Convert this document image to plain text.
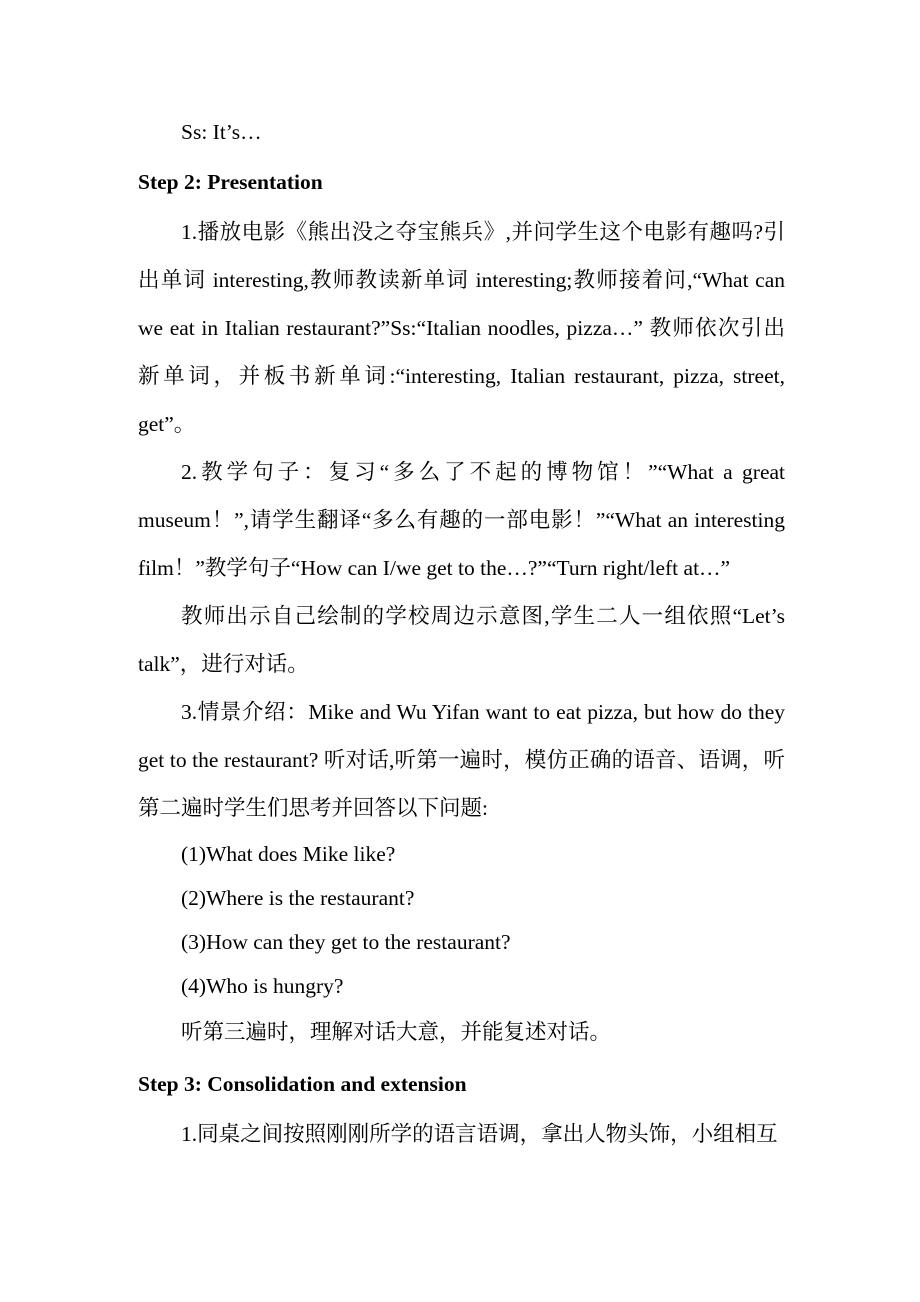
Ss: It’s…

Step 2: Presentation

1.播放电影《熊出没之夺宝熊兵》,并问学生这个电影有趣吗?引出单词 interesting,教师教读新单词 interesting;教师接着问,“What can we eat in Italian restaurant?”Ss:“Italian noodles, pizza…” 教师依次引出新单词，并板书新单词:“interesting, Italian restaurant, pizza, street, get”。

2.教学句子：复习“多么了不起的博物馆！”“What a great museum！”,请学生翻译“多么有趣的一部电影！”“What an interesting film！”教学句子“How can I/we get to the…?”“Turn right/left at…”

教师出示自己绘制的学校周边示意图,学生二人一组依照“Let’s talk”，进行对话。

3.情景介绍：Mike and Wu Yifan want to eat pizza, but how do they get to the restaurant? 听对话,听第一遍时，模仿正确的语音、语调，听第二遍时学生们思考并回答以下问题:

(1)What does Mike like?

(2)Where is the restaurant?

(3)How can they get to the restaurant?

(4)Who is hungry?

听第三遍时，理解对话大意，并能复述对话。

Step 3: Consolidation and extension

1.同桌之间按照刚刚所学的语言语调，拿出人物头饰，小组相互
